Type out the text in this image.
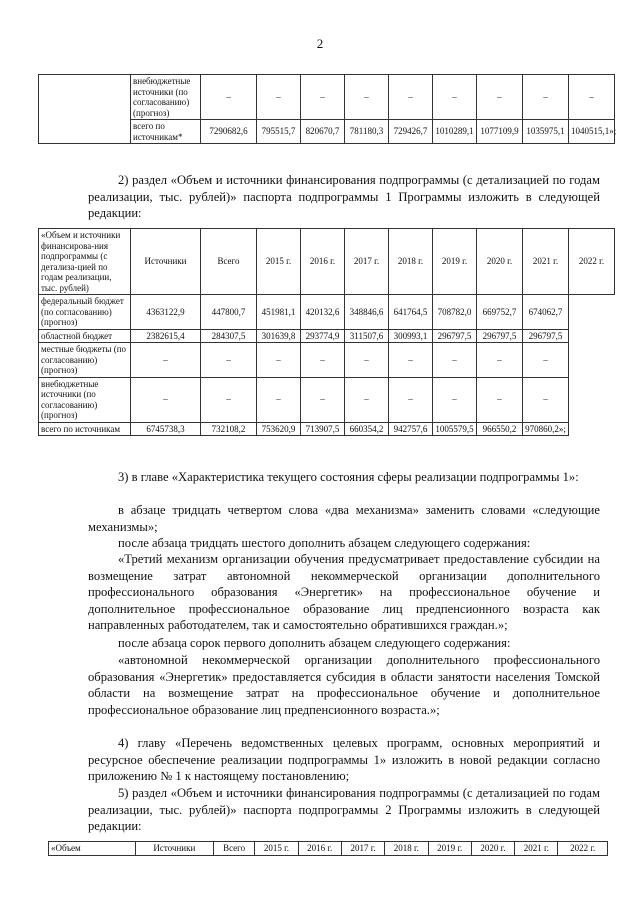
2
	внебюджетные источники (по согласованию) (прогноз)	–	–	–	–	–	–	–	–	–
	всего по источникам*	7290682,6	795515,7	820670,7	781180,3	729426,7	1010289,1	1077109,9	1035975,1	1040515,1»;
2) раздел «Объем и источники финансирования подпрограммы (с детализацией по годам реализации, тыс. рублей)» паспорта подпрограммы 1 Программы изложить в следующей редакции:
«Объем и источники финансирова-ния подпрограммы (с детализа-цией по годам реализации, тыс. рублей)	Источники	Всего	2015 г.	2016 г.	2017 г.	2018 г.	2019 г.	2020 г.	2021 г.	2022 г.
федеральный бюджет (по согласованию) (прогноз)	4363122,9	447800,7	451981,1	420132,6	348846,6	641764,5	708782,0	669752,7	674062,7	
областной бюджет	2382615,4	284307,5	301639,8	293774,9	311507,6	300993,1	296797,5	296797,5	296797,5	
местные бюджеты (по согласованию) (прогноз)	–	–	–	–	–	–	–	–	–	
внебюджетные источники (по согласованию) (прогноз)	–	–	–	–	–	–	–	–	–	
всего по источникам	6745738,3	732108,2	753620,9	713907,5	660354,2	942757,6	1005579,5	966550,2	970860,2»;	
3) в главе «Характеристика текущего состояния сферы реализации подпрограммы 1»:
в абзаце тридцать четвертом слова «два механизма» заменить словами «следующие механизмы»;
после абзаца тридцать шестого дополнить абзацем следующего содержания:
«Третий механизм организации обучения предусматривает предоставление субсидии на возмещение затрат автономной некоммерческой организации дополнительного профессионального образования «Энергетик» на профессиональное обучение и дополнительное профессиональное образование лиц предпенсионного возраста как направленных работодателем, так и самостоятельно обратившихся граждан.»;
после абзаца сорок первого дополнить абзацем следующего содержания:
«автономной некоммерческой организации дополнительного профессионального образования «Энергетик» предоставляется субсидия в области занятости населения Томской области на возмещение затрат на профессиональное обучение и дополнительное профессиональное образование лиц предпенсионного возраста.»;
4) главу «Перечень ведомственных целевых программ, основных мероприятий и ресурсное обеспечение реализации подпрограммы 1» изложить в новой редакции согласно приложению № 1 к настоящему постановлению;
5) раздел «Объем и источники финансирования подпрограммы (с детализацией по годам реализации, тыс. рублей)» паспорта подпрограммы 2 Программы изложить в следующей редакции:
«Объем	Источники	Всего	2015 г.	2016 г.	2017 г.	2018 г.	2019 г.	2020 г.	2021 г.	2022 г.
